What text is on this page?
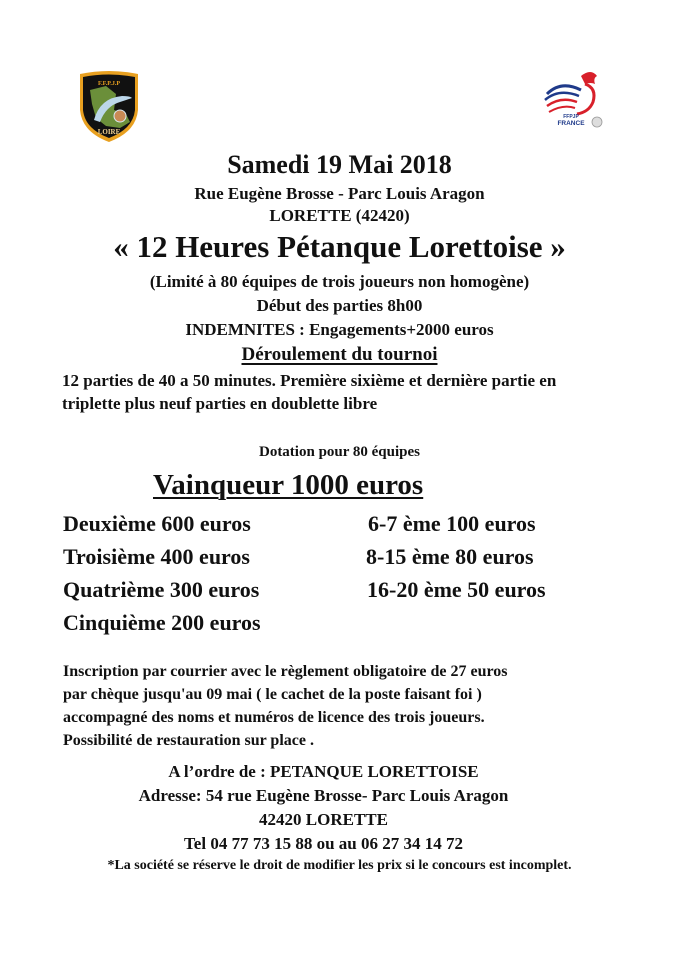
F.F.P.J.P
LOIRE
FFPJP
FRANCE
Samedi 19 Mai 2018
Rue Eugène Brosse - Parc Louis Aragon
LORETTE (42420)
« 12 Heures Pétanque Lorettoise »
(Limité à 80 équipes de trois joueurs non homogène)
Début des parties 8h00
INDEMNITES : Engagements+2000 euros
Déroulement du tournoi
12 parties de 40 a 50 minutes. Première sixième et dernière partie en
triplette plus neuf parties en doublette libre
Dotation pour 80 équipes
Vainqueur 1000 euros
Deuxième 600 euros
Troisième 400 euros
Quatrième 300 euros
Cinquième 200 euros
6-7 ème 100 euros
8-15 ème 80 euros
16-20 ème 50 euros
Inscription par courrier avec le règlement obligatoire de 27 euros
par chèque jusqu'au 09 mai ( le cachet de la poste faisant foi )
accompagné des noms et numéros de licence des trois joueurs.
Possibilité de restauration sur place .
A l’ordre de : PETANQUE LORETTOISE
Adresse: 54 rue Eugène Brosse- Parc Louis Aragon
42420 LORETTE
Tel 04 77 73 15 88 ou au 06 27 34 14 72
*La société se réserve le droit de modifier les prix si le concours est incomplet.
